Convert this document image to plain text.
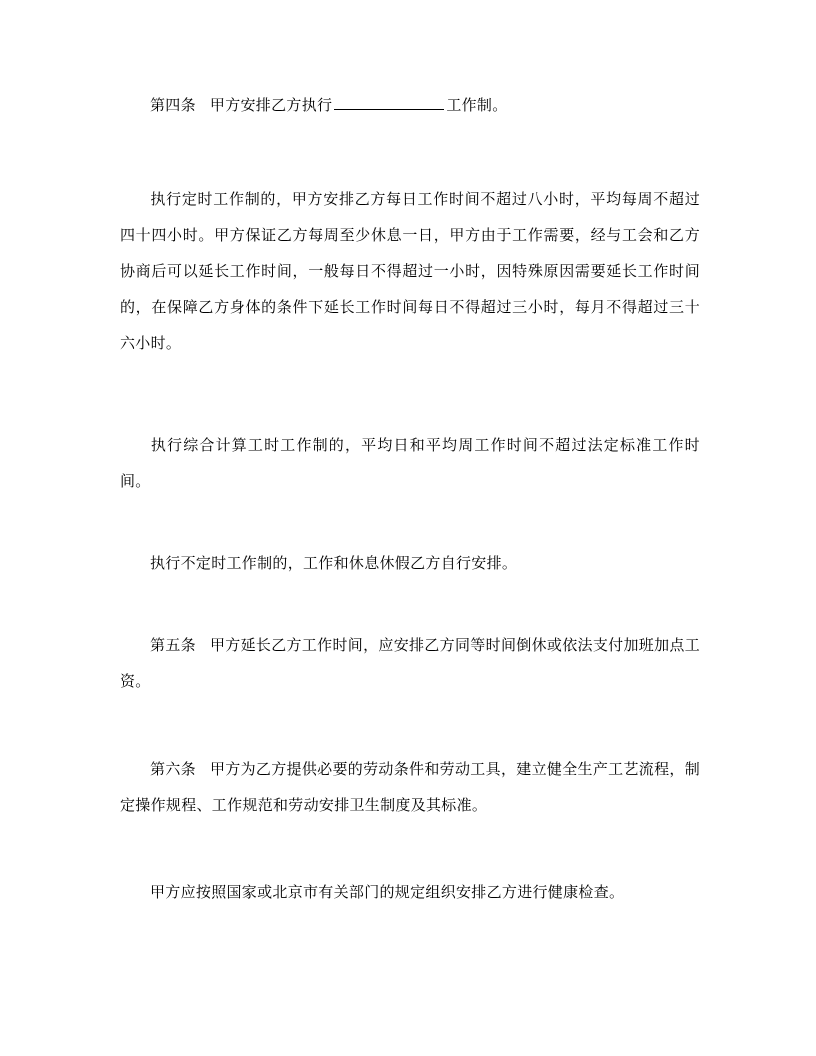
第四条 甲方安排乙方执行	工作制。

执行定时工作制的，甲方安排乙方每日工作时间不超过八小时，平均每周不超过四十四小时。甲方保证乙方每周至少休息一日，甲方由于工作需要，经与工会和乙方协商后可以延长工作时间，一般每日不得超过一小时，因特殊原因需要延长工作时间的，在保障乙方身体的条件下延长工作时间每日不得超过三小时，每月不得超过三十六小时。

执行综合计算工时工作制的，平均日和平均周工作时间不超过法定标准工作时间。

执行不定时工作制的，工作和休息休假乙方自行安排。

第五条 甲方延长乙方工作时间，应安排乙方同等时间倒休或依法支付加班加点工资。

第六条 甲方为乙方提供必要的劳动条件和劳动工具，建立健全生产工艺流程，制定操作规程、工作规范和劳动安排卫生制度及其标准。

甲方应按照国家或北京市有关部门的规定组织安排乙方进行健康检查。
